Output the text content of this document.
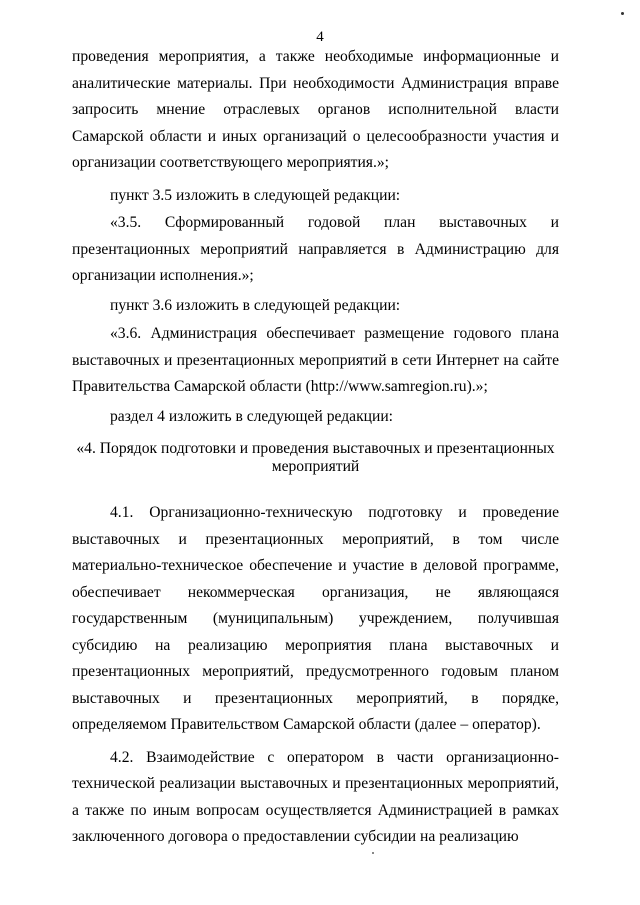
4

проведения мероприятия, а также необходимые информационные и аналитические материалы. При необходимости Администрация вправе запросить мнение отраслевых органов исполнительной власти Самарской области и иных организаций о целесообразности участия и организации соответствующего мероприятия.»;

пункт 3.5 изложить в следующей редакции:

«3.5. Сформированный годовой план выставочных и презентационных мероприятий направляется в Администрацию для организации исполнения.»;

пункт 3.6 изложить в следующей редакции:

«3.6. Администрация обеспечивает размещение годового плана выставочных и презентационных мероприятий в сети Интернет на сайте Правительства Самарской области (http://www.samregion.ru).»;

раздел 4 изложить в следующей редакции:

«4. Порядок подготовки и проведения выставочных и презентационных мероприятий

4.1. Организационно-техническую подготовку и проведение выставочных и презентационных мероприятий, в том числе материально-техническое обеспечение и участие в деловой программе, обеспечивает некоммерческая организация, не являющаяся государственным (муниципальным) учреждением, получившая субсидию на реализацию мероприятия плана выставочных и презентационных мероприятий, предусмотренного годовым планом выставочных и презентационных мероприятий, в порядке, определяемом Правительством Самарской области (далее – оператор).

4.2. Взаимодействие с оператором в части организационно-технической реализации выставочных и презентационных мероприятий, а также по иным вопросам осуществляется Администрацией в рамках заключенного договора о предоставлении субсидии на реализацию
